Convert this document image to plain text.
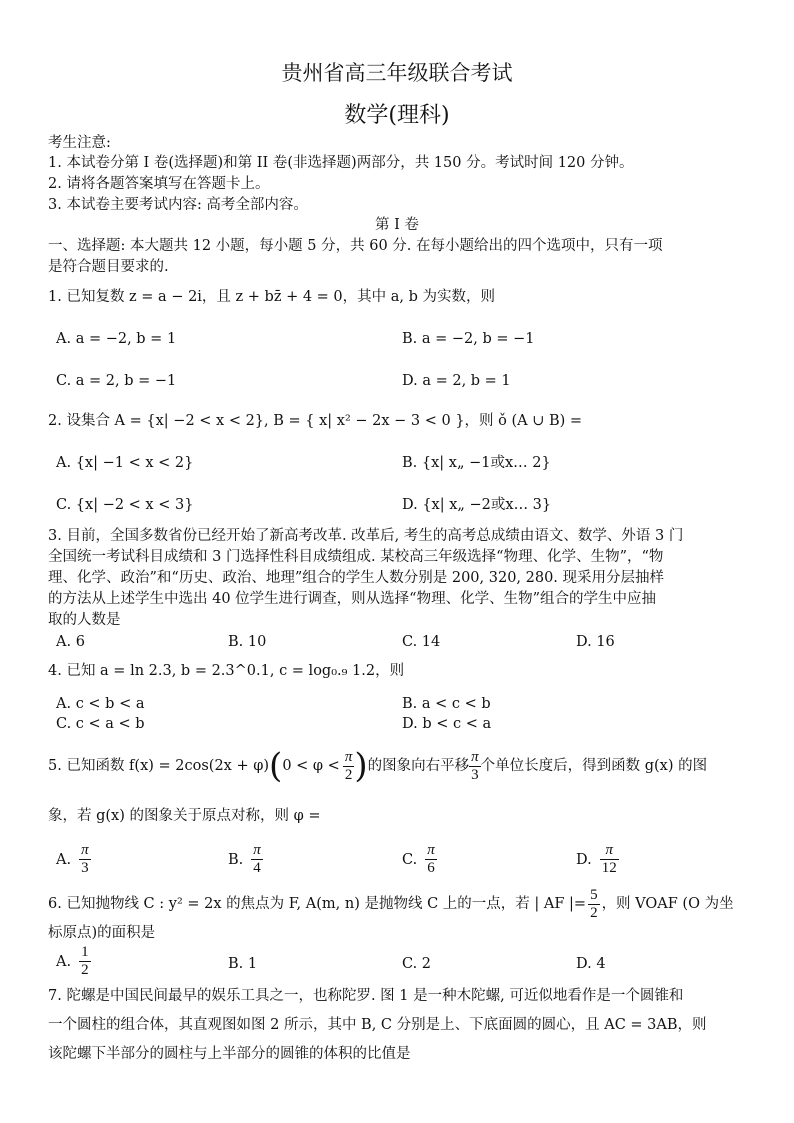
贵州省高三年级联合考试
数学(理科)
考生注意:
1. 本试卷分第 I 卷(选择题)和第 II 卷(非选择题)两部分，共 150 分。考试时间 120 分钟。
2. 请将各题答案填写在答题卡上。
3. 本试卷主要考试内容: 高考全部内容。
第 I 卷
一、选择题: 本大题共 12 小题，每小题 5 分，共 60 分. 在每小题给出的四个选项中，只有一项
是符合题目要求的.
1. 已知复数 z = a − 2i，且 z + bz̄ + 4 = 0，其中 a, b 为实数，则
A. a = −2, b = 1	B. a = −2, b = −1
C. a = 2, b = −1	D. a = 2, b = 1
2. 设集合 A = {x| −2 < x < 2}, B = { x| x² − 2x − 3 < 0 }，则 ǒ (A ∪ B) =
A. {x| −1 < x < 2}	B. {x| x„ −1或x… 2}
C. {x| −2 < x < 3}	D. {x| x„ −2或x… 3}
3. 目前，全国多数省份已经开始了新高考改革. 改革后, 考生的高考总成绩由语文、数学、外语 3 门
全国统一考试科目成绩和 3 门选择性科目成绩组成. 某校高三年级选择“物理、化学、生物”，“物
理、化学、政治”和“历史、政治、地理”组合的学生人数分别是 200, 320, 280. 现采用分层抽样
的方法从上述学生中选出 40 位学生进行调查，则从选择“物理、化学、生物”组合的学生中应抽
取的人数是
A. 6	B. 10	C. 14	D. 16
4. 已知 a = ln 2.3, b = 2.3^0.1, c = log₀.₉ 1.2，则
A. c < b < a	B. a < c < b
C. c < a < b	D. b < c < a
5. 已知函数 f(x) = 2cos(2x + φ) ( $0 < \varphi < \frac{\pi}{2}$ ) 的图象向右平移 $\frac{\pi}{3}$ 个单位长度后，得到函数 g(x) 的图
象，若 g(x) 的图象关于原点对称，则 φ =
A. $\frac{\pi}{3}$	B. $\frac{\pi}{4}$	C. $\frac{\pi}{6}$	D. $\frac{\pi}{12}$
6. 已知抛物线 C : y² = 2x 的焦点为 F, A(m, n) 是抛物线 C 上的一点，若 | AF |= $\frac{5}{2}$ ，则 VOAF (O 为坐
标原点)的面积是
A. $\frac{1}{2}$	B. 1	C. 2	D. 4
7. 陀螺是中国民间最早的娱乐工具之一，也称陀罗. 图 1 是一种木陀螺, 可近似地看作是一个圆锥和
一个圆柱的组合体，其直观图如图 2 所示，其中 B, C 分别是上、下底面圆的圆心，且 AC = 3AB，则
该陀螺下半部分的圆柱与上半部分的圆锥的体积的比值是
